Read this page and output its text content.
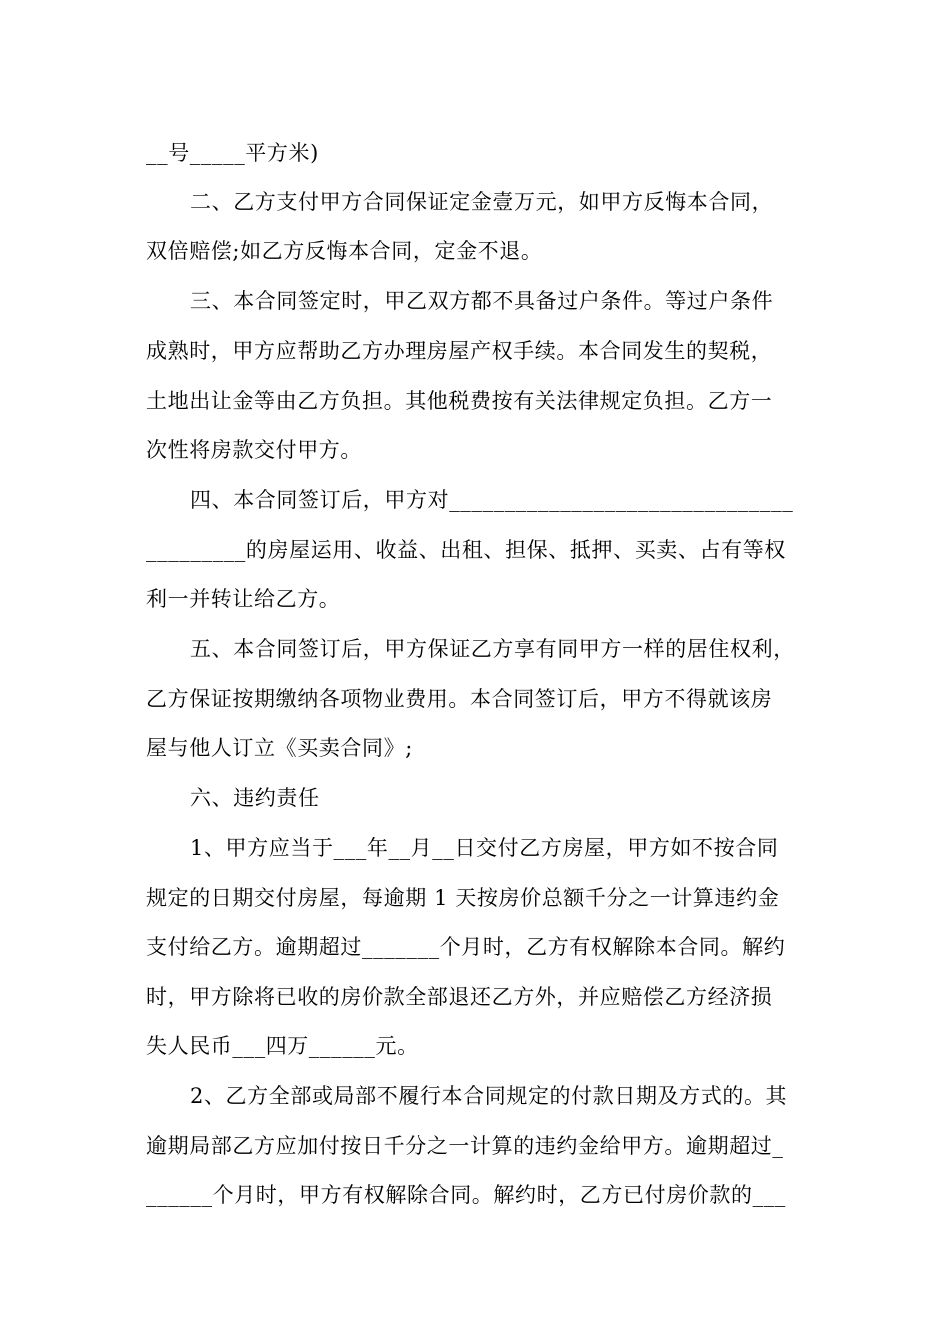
__号_____平方米)
二、乙方支付甲方合同保证定金壹万元，如甲方反悔本合同，
双倍赔偿;如乙方反悔本合同，定金不退。
三、本合同签定时，甲乙双方都不具备过户条件。等过户条件
成熟时，甲方应帮助乙方办理房屋产权手续。本合同发生的契税，
土地出让金等由乙方负担。其他税费按有关法律规定负担。乙方一
次性将房款交付甲方。
四、本合同签订后，甲方对_______________________________
_________的房屋运用、收益、出租、担保、抵押、买卖、占有等权
利一并转让给乙方。
五、本合同签订后，甲方保证乙方享有同甲方一样的居住权利，
乙方保证按期缴纳各项物业费用。本合同签订后，甲方不得就该房
屋与他人订立《买卖合同》;
六、违约责任
1、甲方应当于___年__月__日交付乙方房屋，甲方如不按合同
规定的日期交付房屋，每逾期 1 天按房价总额千分之一计算违约金
支付给乙方。逾期超过_______个月时，乙方有权解除本合同。解约
时，甲方除将已收的房价款全部退还乙方外，并应赔偿乙方经济损
失人民币___四万______元。
2、乙方全部或局部不履行本合同规定的付款日期及方式的。其
逾期局部乙方应加付按日千分之一计算的违约金给甲方。逾期超过_
______个月时，甲方有权解除合同。解约时，乙方已付房价款的___
